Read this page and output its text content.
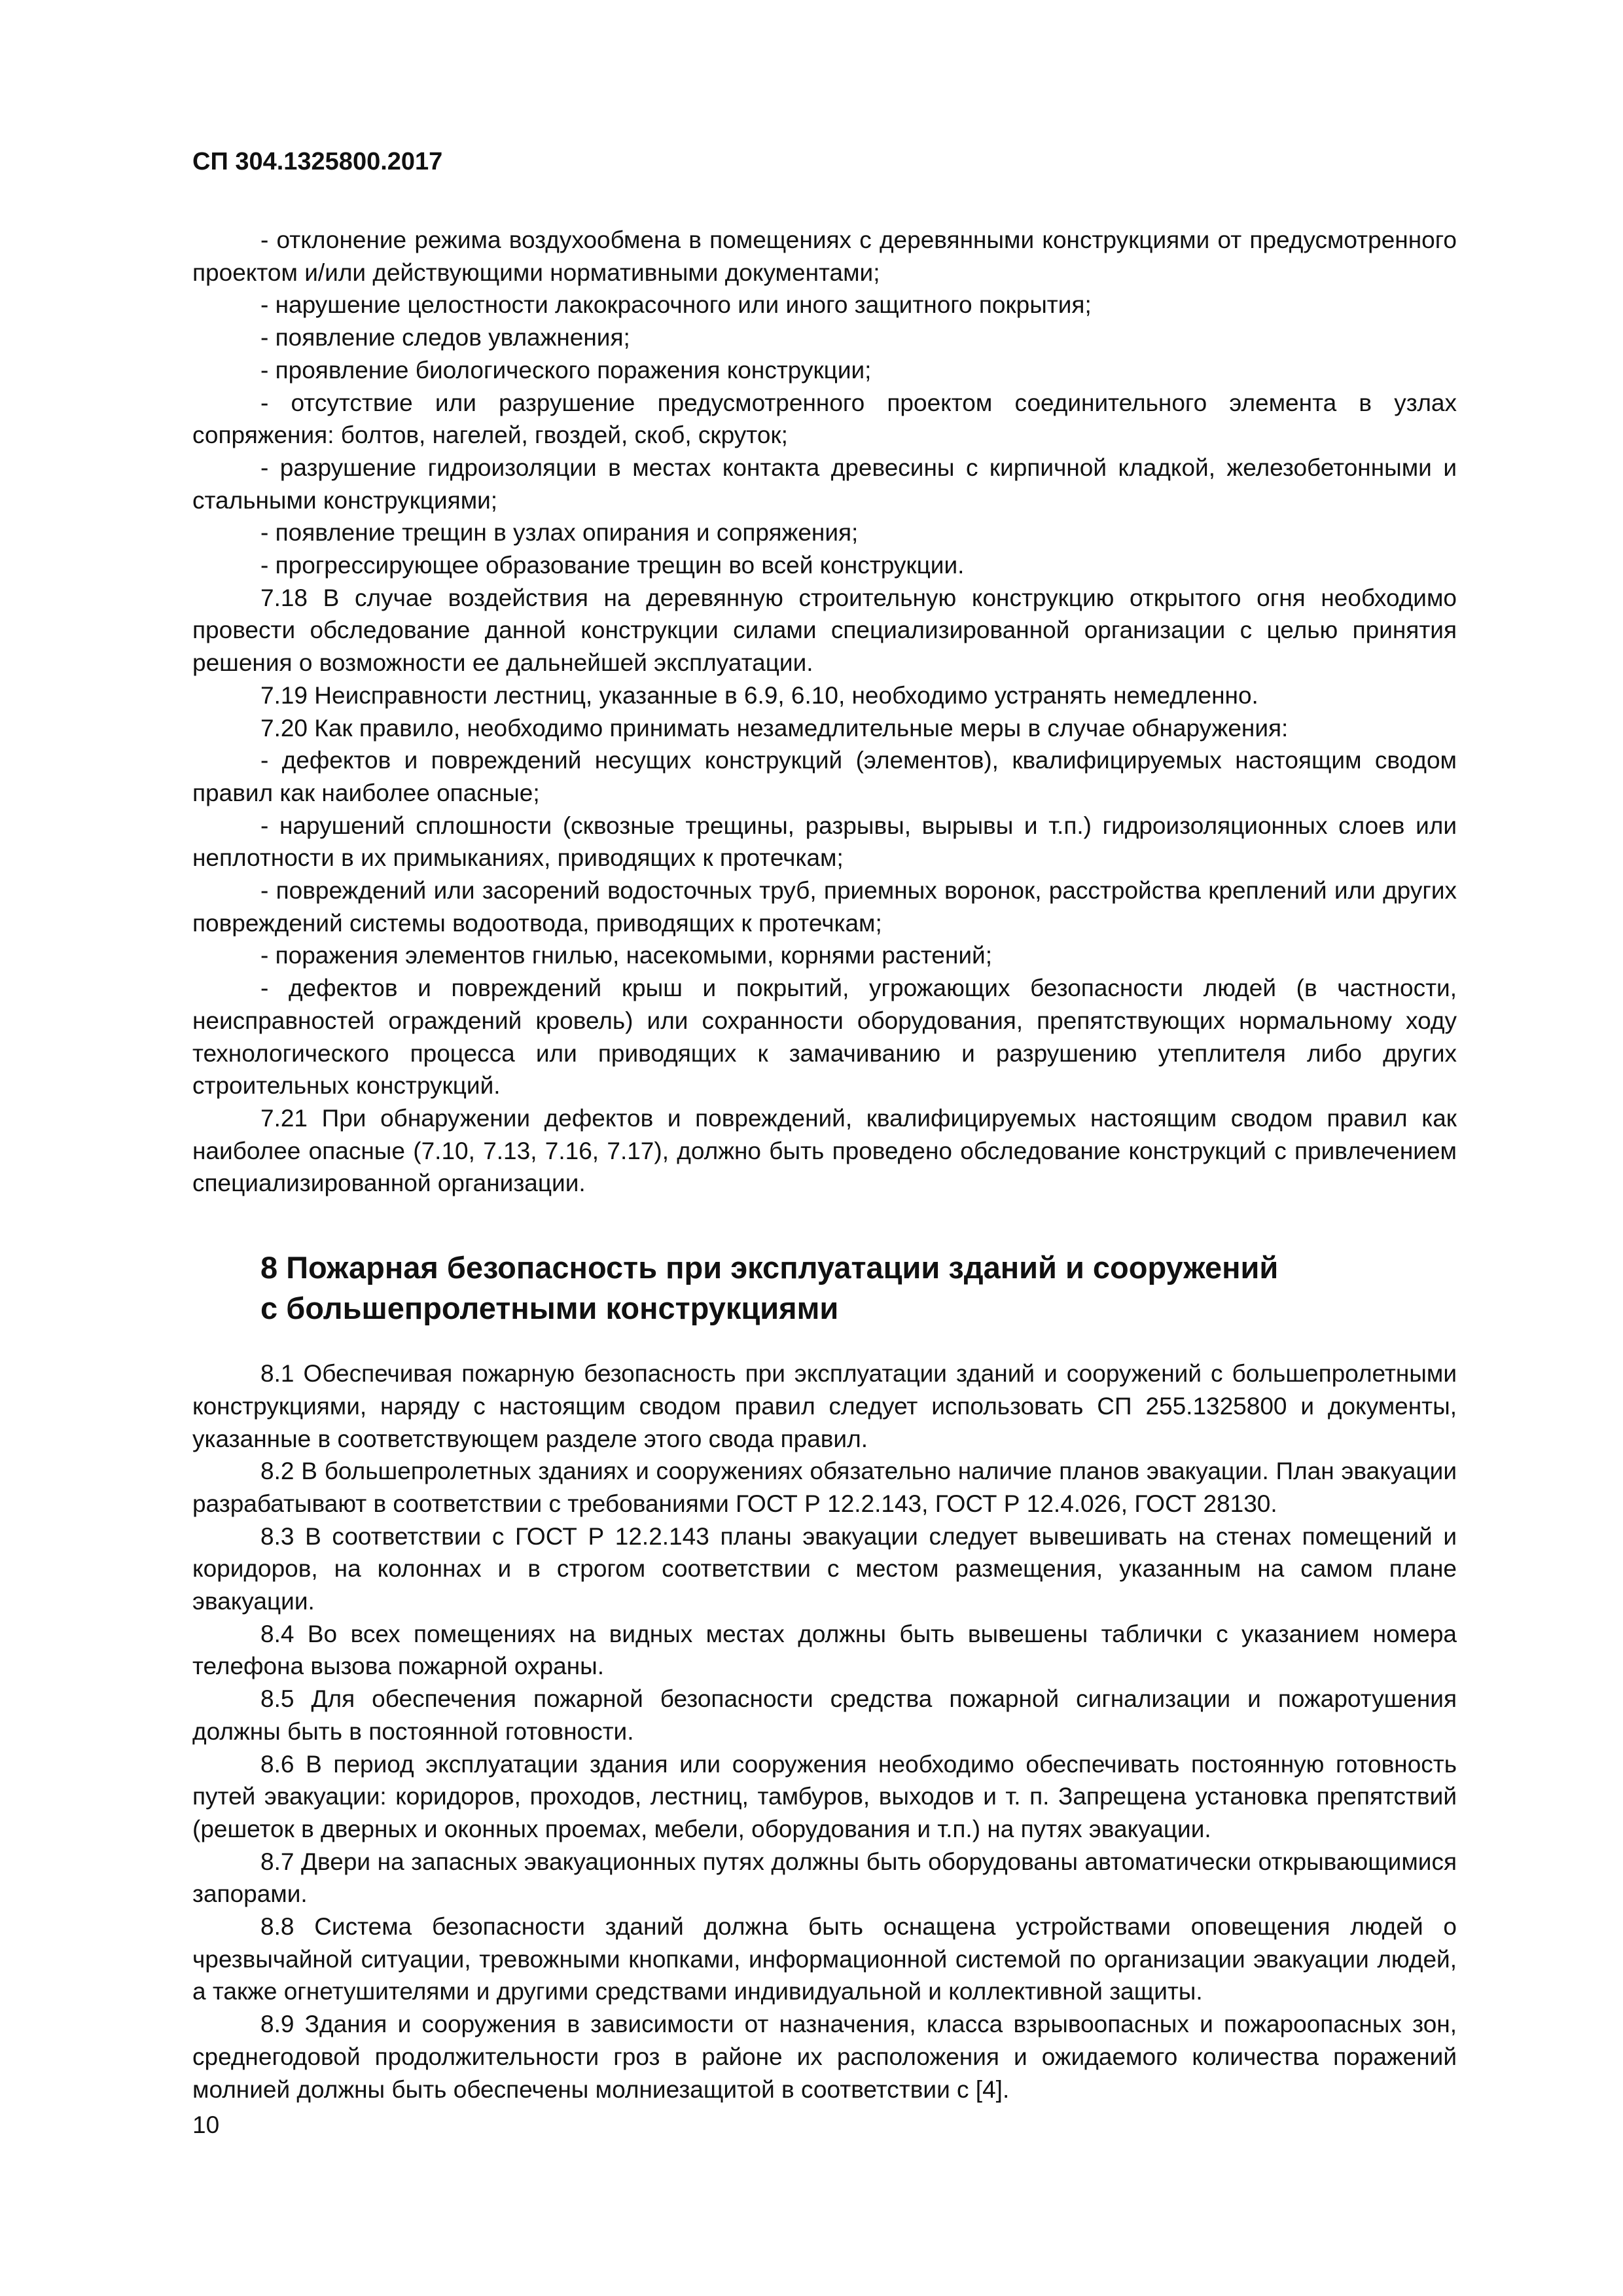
СП 304.1325800.2017

- отклонение режима воздухообмена в помещениях с деревянными конструкциями от предусмотренного проектом и/или действующими нормативными документами;

- нарушение целостности лакокрасочного или иного защитного покрытия;

- появление следов увлажнения;

- проявление биологического поражения конструкции;

- отсутствие или разрушение предусмотренного проектом соединительного элемента в узлах сопряжения: болтов, нагелей, гвоздей, скоб, скруток;

- разрушение гидроизоляции в местах контакта древесины с кирпичной кладкой, железобетонными и стальными конструкциями;

- появление трещин в узлах опирания и сопряжения;

- прогрессирующее образование трещин во всей конструкции.

7.18 В случае воздействия на деревянную строительную конструкцию открытого огня необходимо провести обследование данной конструкции силами специализированной организации с целью принятия решения о возможности ее дальнейшей эксплуатации.

7.19 Неисправности лестниц, указанные в 6.9, 6.10, необходимо устранять немедленно.

7.20 Как правило, необходимо принимать незамедлительные меры в случае обнаружения:

- дефектов и повреждений несущих конструкций (элементов), квалифицируемых настоящим сводом правил как наиболее опасные;

- нарушений сплошности (сквозные трещины, разрывы, вырывы и т.п.) гидроизоляционных слоев или неплотности в их примыканиях, приводящих к протечкам;

- повреждений или засорений водосточных труб, приемных воронок, расстройства креплений или других повреждений системы водоотвода, приводящих к протечкам;

- поражения элементов гнилью, насекомыми, корнями растений;

- дефектов и повреждений крыш и покрытий, угрожающих безопасности людей (в частности, неисправностей ограждений кровель) или сохранности оборудования, препятствующих нормальному ходу технологического процесса или приводящих к замачиванию и разрушению утеплителя либо других строительных конструкций.

7.21 При обнаружении дефектов и повреждений, квалифицируемых настоящим сводом правил как наиболее опасные (7.10, 7.13, 7.16, 7.17), должно быть проведено обследование конструкций с привлечением специализированной организации.

8 Пожарная безопасность при эксплуатации зданий и сооружений
с большепролетными конструкциями

8.1 Обеспечивая пожарную безопасность при эксплуатации зданий и сооружений с большепролетными конструкциями, наряду с настоящим сводом правил следует использовать СП 255.1325800 и документы, указанные в соответствующем разделе этого свода правил.

8.2 В большепролетных зданиях и сооружениях обязательно наличие планов эвакуации. План эвакуации разрабатывают в соответствии с требованиями ГОСТ Р 12.2.143, ГОСТ Р 12.4.026, ГОСТ 28130.

8.3 В соответствии с ГОСТ Р 12.2.143 планы эвакуации следует вывешивать на стенах помещений и коридоров, на колоннах и в строгом соответствии с местом размещения, указанным на самом плане эвакуации.

8.4 Во всех помещениях на видных местах должны быть вывешены таблички с указанием номера телефона вызова пожарной охраны.

8.5 Для обеспечения пожарной безопасности средства пожарной сигнализации и пожаротушения должны быть в постоянной готовности.

8.6 В период эксплуатации здания или сооружения необходимо обеспечивать постоянную готовность путей эвакуации: коридоров, проходов, лестниц, тамбуров, выходов и т. п. Запрещена установка препятствий (решеток в дверных и оконных проемах, мебели, оборудования и т.п.) на путях эвакуации.

8.7 Двери на запасных эвакуационных путях должны быть оборудованы автоматически открывающимися запорами.

8.8 Система безопасности зданий должна быть оснащена устройствами оповещения людей о чрезвычайной ситуации, тревожными кнопками, информационной системой по организации эвакуации людей, а также огнетушителями и другими средствами индивидуальной и коллективной защиты.

8.9 Здания и сооружения в зависимости от назначения, класса взрывоопасных и пожароопасных зон, среднегодовой продолжительности гроз в районе их расположения и ожидаемого количества поражений молнией должны быть обеспечены молниезащитой в соответствии с [4].

10
